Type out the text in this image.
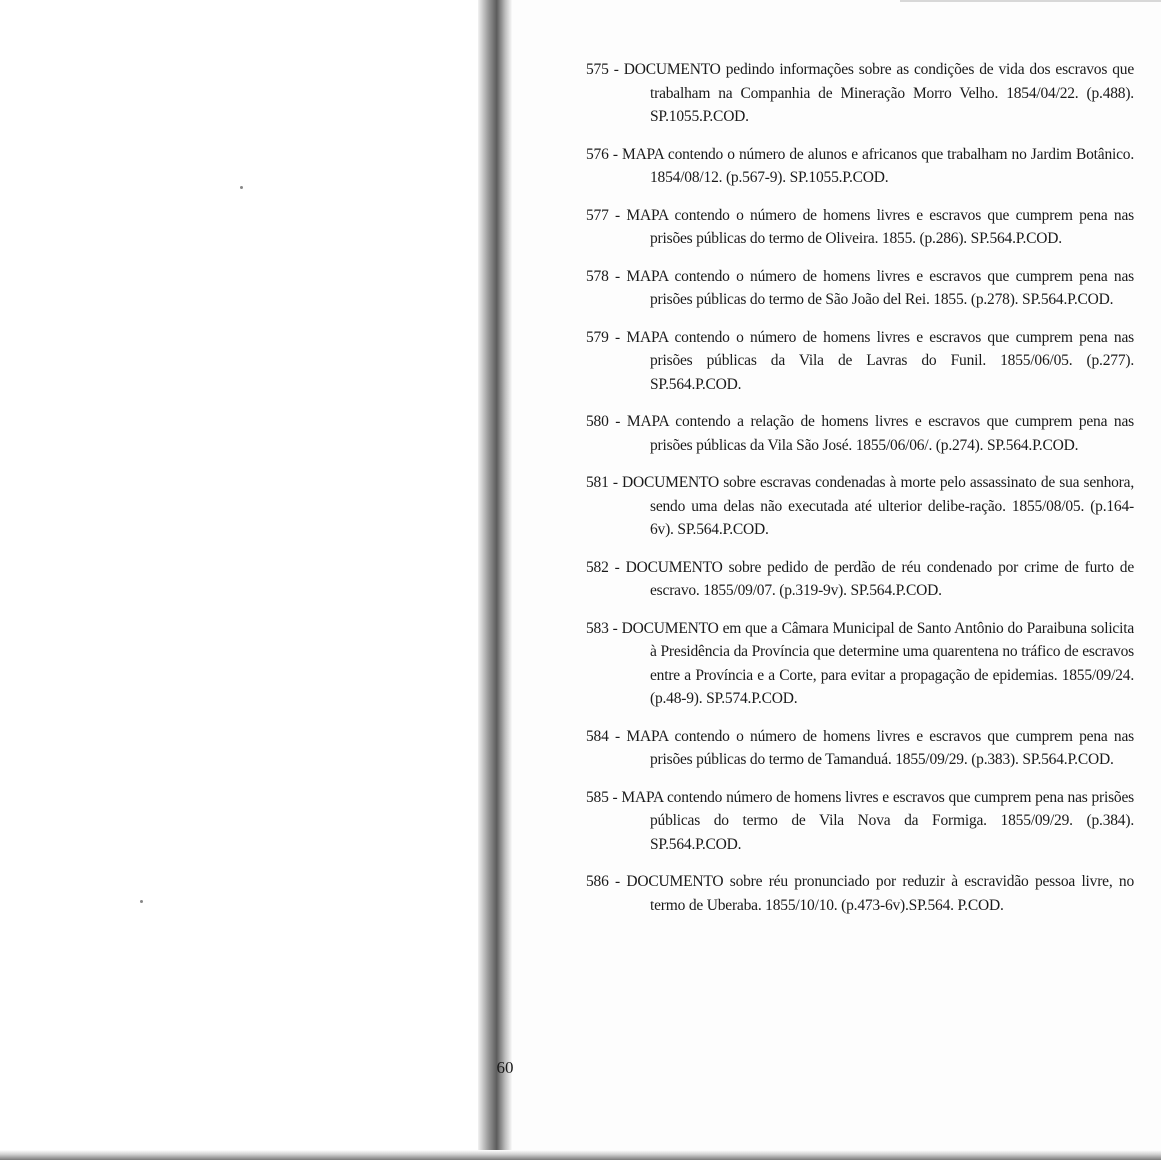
575 - DOCUMENTO pedindo informações sobre as condições de vida dos escravos que trabalham na Companhia de Mineração Morro Velho. 1854/04/22. (p.488). SP.1055.P.COD.
576 - MAPA contendo o número de alunos e africanos que trabalham no Jardim Botânico. 1854/08/12. (p.567-9). SP.1055.P.COD.
577 - MAPA contendo o número de homens livres e escravos que cumprem pena nas prisões públicas do termo de Oliveira. 1855. (p.286). SP.564.P.COD.
578 - MAPA contendo o número de homens livres e escravos que cumprem pena nas prisões públicas do termo de São João del Rei. 1855. (p.278). SP.564.P.COD.
579 - MAPA contendo o número de homens livres e escravos que cumprem pena nas prisões públicas da Vila de Lavras do Funil. 1855/06/05. (p.277). SP.564.P.COD.
580 - MAPA contendo a relação de homens livres e escravos que cumprem pena nas prisões públicas da Vila São José. 1855/06/06/. (p.274). SP.564.P.COD.
581 - DOCUMENTO sobre escravas condenadas à morte pelo assassinato de sua senhora, sendo uma delas não executada até ulterior delibe-ração. 1855/08/05. (p.164-6v). SP.564.P.COD.
582 - DOCUMENTO sobre pedido de perdão de réu condenado por crime de furto de escravo. 1855/09/07. (p.319-9v). SP.564.P.COD.
583 - DOCUMENTO em que a Câmara Municipal de Santo Antônio do Paraibuna solicita à Presidência da Província que determine uma quarentena no tráfico de escravos entre a Província e a Corte, para evitar a propagação de epidemias. 1855/09/24. (p.48-9). SP.574.P.COD.
584 - MAPA contendo o número de homens livres e escravos que cumprem pena nas prisões públicas do termo de Tamanduá. 1855/09/29. (p.383). SP.564.P.COD.
585 - MAPA contendo número de homens livres e escravos que cumprem pena nas prisões públicas do termo de Vila Nova da Formiga. 1855/09/29. (p.384). SP.564.P.COD.
586 - DOCUMENTO sobre réu pronunciado por reduzir à escravidão pessoa livre, no termo de Uberaba. 1855/10/10. (p.473-6v).SP.564. P.COD.
60
